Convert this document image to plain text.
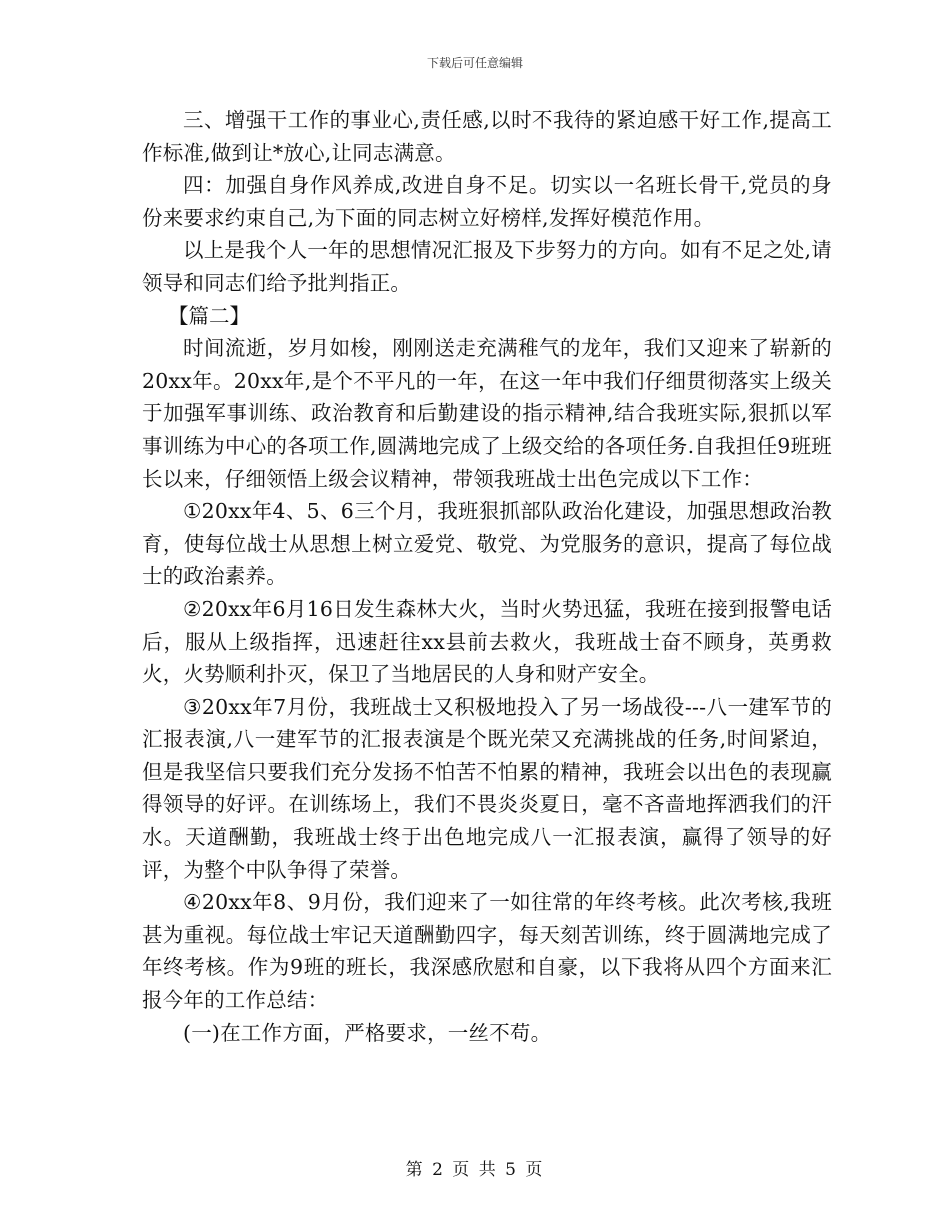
下载后可任意编辑

三、增强干工作的事业心,责任感,以时不我待的紧迫感干好工作,提高工作标准,做到让*放心,让同志满意。

四：加强自身作风养成,改进自身不足。切实以一名班长骨干,党员的身份来要求约束自己,为下面的同志树立好榜样,发挥好模范作用。

以上是我个人一年的思想情况汇报及下步努力的方向。如有不足之处,请领导和同志们给予批判指正。

【篇二】

时间流逝，岁月如梭，刚刚送走充满稚气的龙年，我们又迎来了崭新的20xx年。20xx年,是个不平凡的一年，在这一年中我们仔细贯彻落实上级关于加强军事训练、政治教育和后勤建设的指示精神,结合我班实际,狠抓以军事训练为中心的各项工作,圆满地完成了上级交给的各项任务.自我担任9班班长以来，仔细领悟上级会议精神，带领我班战士出色完成以下工作：

①20xx年4、5、6三个月，我班狠抓部队政治化建设，加强思想政治教育，使每位战士从思想上树立爱党、敬党、为党服务的意识，提高了每位战士的政治素养。

②20xx年6月16日发生森林大火，当时火势迅猛，我班在接到报警电话后，服从上级指挥，迅速赶往xx县前去救火，我班战士奋不顾身，英勇救火，火势顺利扑灭，保卫了当地居民的人身和财产安全。

③20xx年7月份，我班战士又积极地投入了另一场战役---八一建军节的汇报表演,八一建军节的汇报表演是个既光荣又充满挑战的任务,时间紧迫，但是我坚信只要我们充分发扬不怕苦不怕累的精神，我班会以出色的表现赢得领导的好评。在训练场上，我们不畏炎炎夏日，毫不吝啬地挥洒我们的汗水。天道酬勤，我班战士终于出色地完成八一汇报表演，赢得了领导的好评，为整个中队争得了荣誉。

④20xx年8、9月份，我们迎来了一如往常的年终考核。此次考核,我班甚为重视。每位战士牢记天道酬勤四字，每天刻苦训练，终于圆满地完成了年终考核。作为9班的班长，我深感欣慰和自豪，以下我将从四个方面来汇报今年的工作总结：

(一)在工作方面，严格要求，一丝不苟。

第 2 页 共 5 页
